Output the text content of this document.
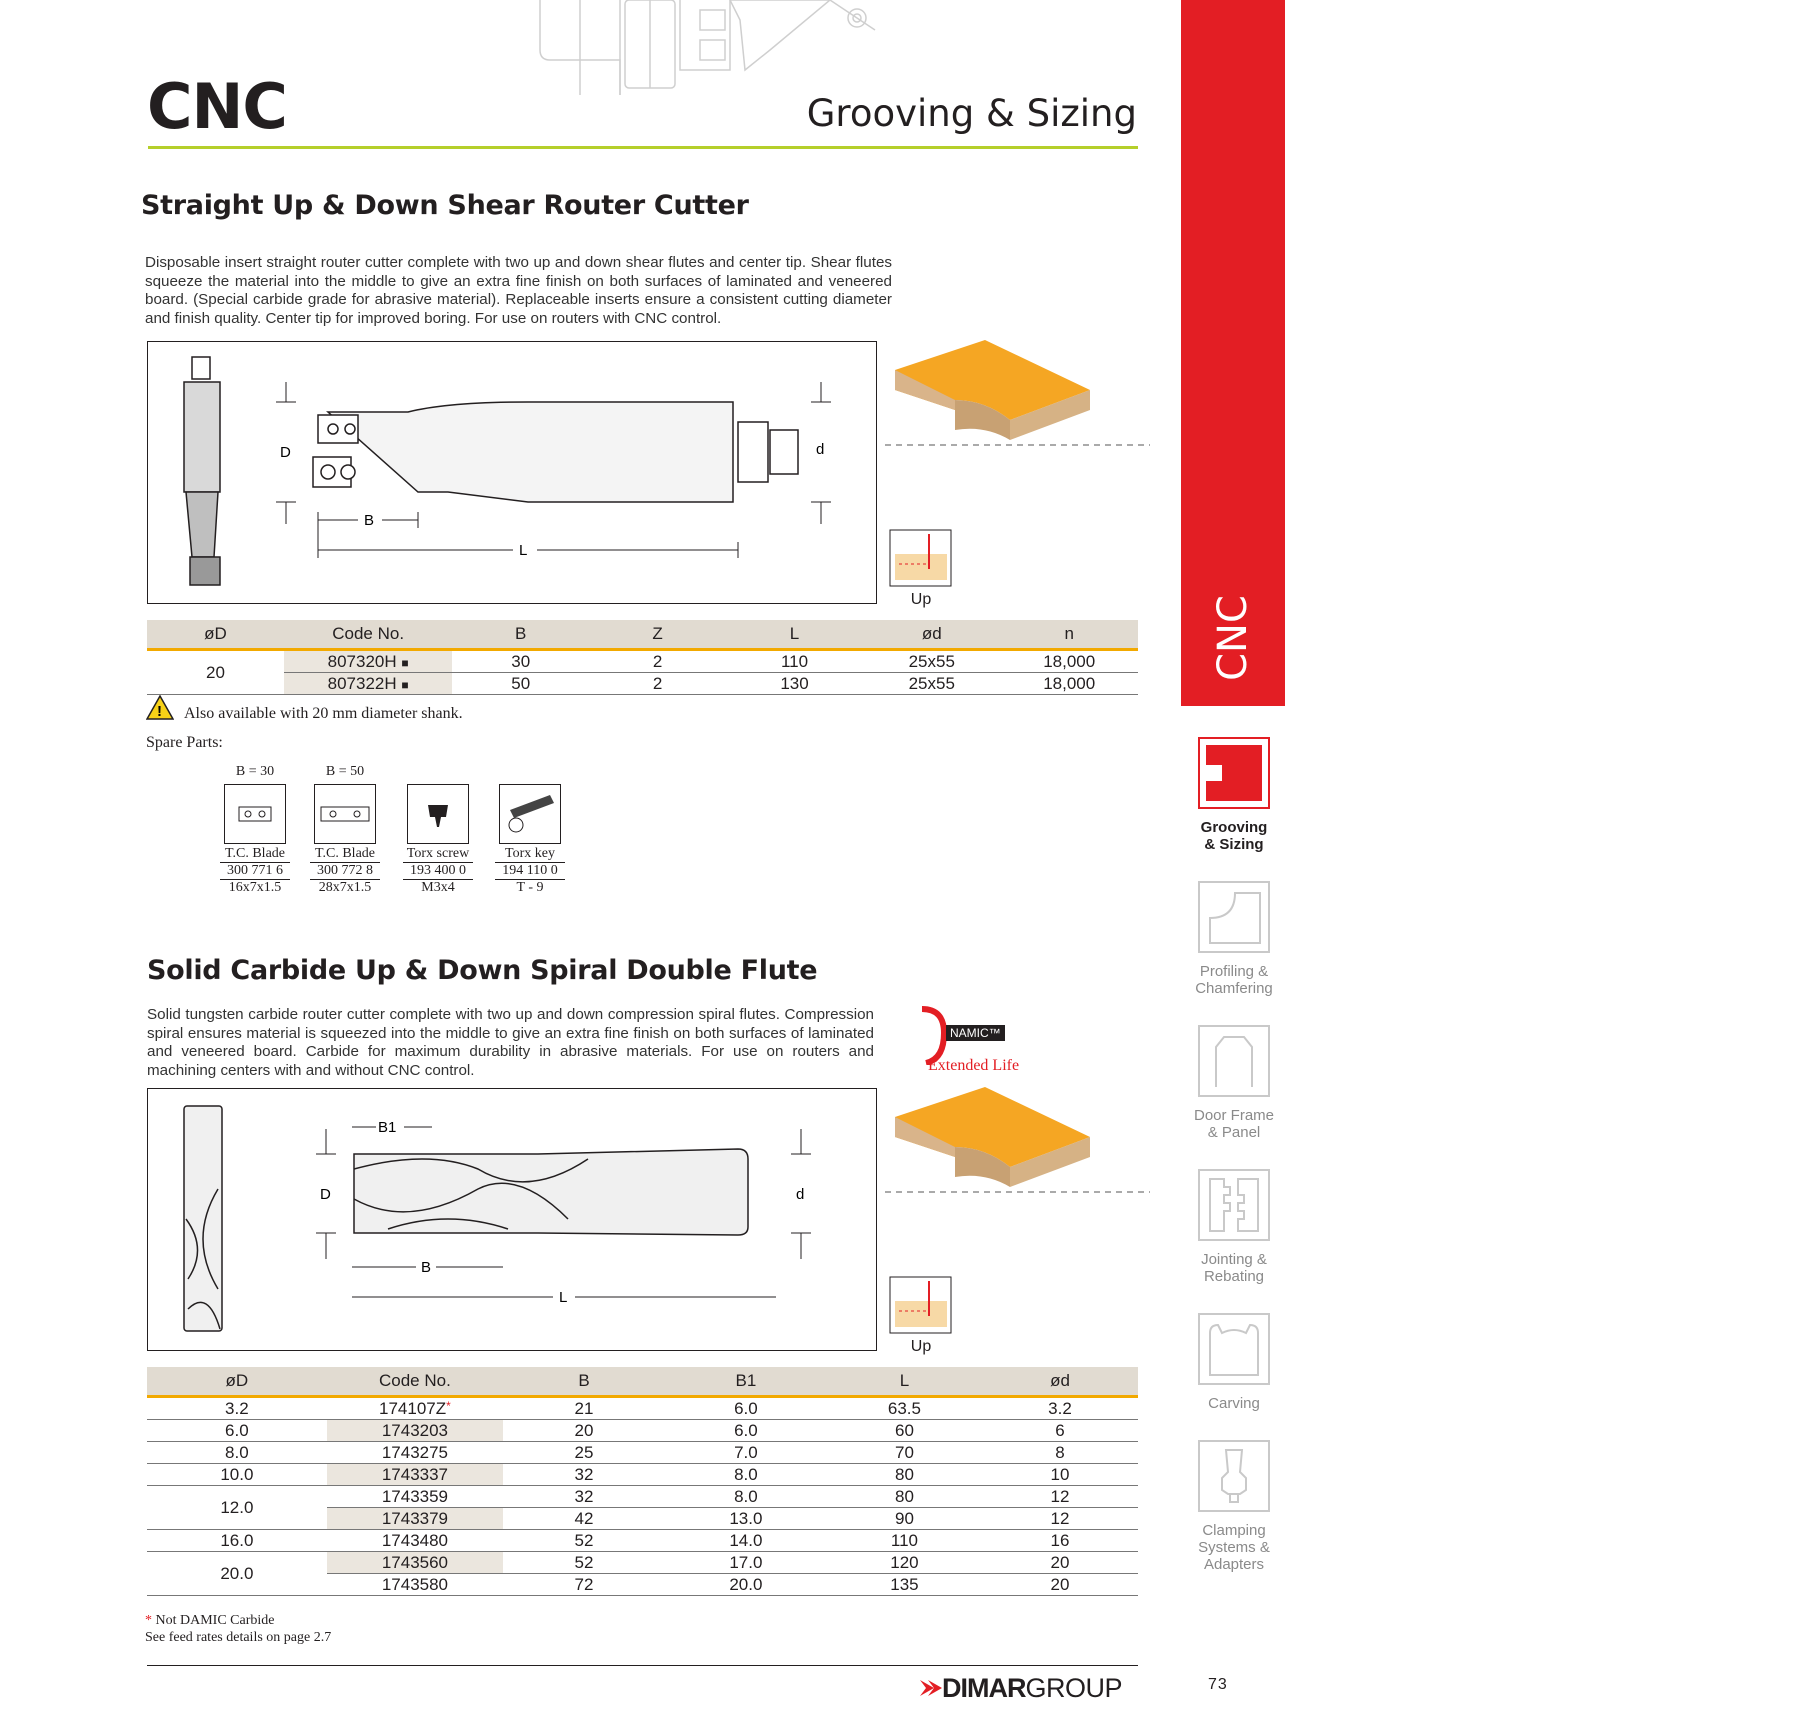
CNC	Grooving & Sizing
Straight Up & Down Shear Router Cutter
Disposable insert straight router cutter complete with two up and down shear flutes and center tip. Shear flutes squeeze the material into the middle to give an extra fine finish on both surfaces of laminated and veneered board. (Special carbide grade for abrasive material). Replaceable inserts ensure a consistent cutting diameter and finish quality. Center tip for improved boring. For use on routers with CNC control.
D	d
B
L
Up
øD	Code No.	B	Z	L	ød	n
20	807320H ■	30	2	110	25x55	18,000
	807322H ■	50	2	130	25x55	18,000
! Also available with 20 mm diameter shank.
Spare Parts:
B = 30
T.C. Blade
300 771 6
16x7x1.5
B = 50
T.C. Blade
300 772 8
28x7x1.5
Torx screw
193 400 0
M3x4
Torx key
194 110 0
T - 9
Solid Carbide Up & Down Spiral Double Flute
Solid tungsten carbide router cutter complete with two up and down compression spiral flutes. Compression spiral ensures material is squeezed into the middle to give an extra fine finish on both surfaces of laminated and veneered board. Carbide for maximum durability in abrasive materials. For use on routers and machining centers with and without CNC control.
NAMIC™
Extended Life
B1
D	d
B
L
Up
øD	Code No.	B	B1	L	ød
3.2	174107Z*	21	6.0	63.5	3.2
6.0	1743203	20	6.0	60	6
8.0	1743275	25	7.0	70	8
10.0	1743337	32	8.0	80	10
12.0	1743359	32	8.0	80	12
	1743379	42	13.0	90	12
16.0	1743480	52	14.0	110	16
20.0	1743560	52	17.0	120	20
	1743580	72	20.0	135	20
* Not DAMIC Carbide
See feed rates details on page 2.7
DIMAR GROUP	73
CNC
Grooving
& Sizing
Profiling &
Chamfering
Door Frame
& Panel
Jointing &
Rebating
Carving
Clamping
Systems &
Adapters
